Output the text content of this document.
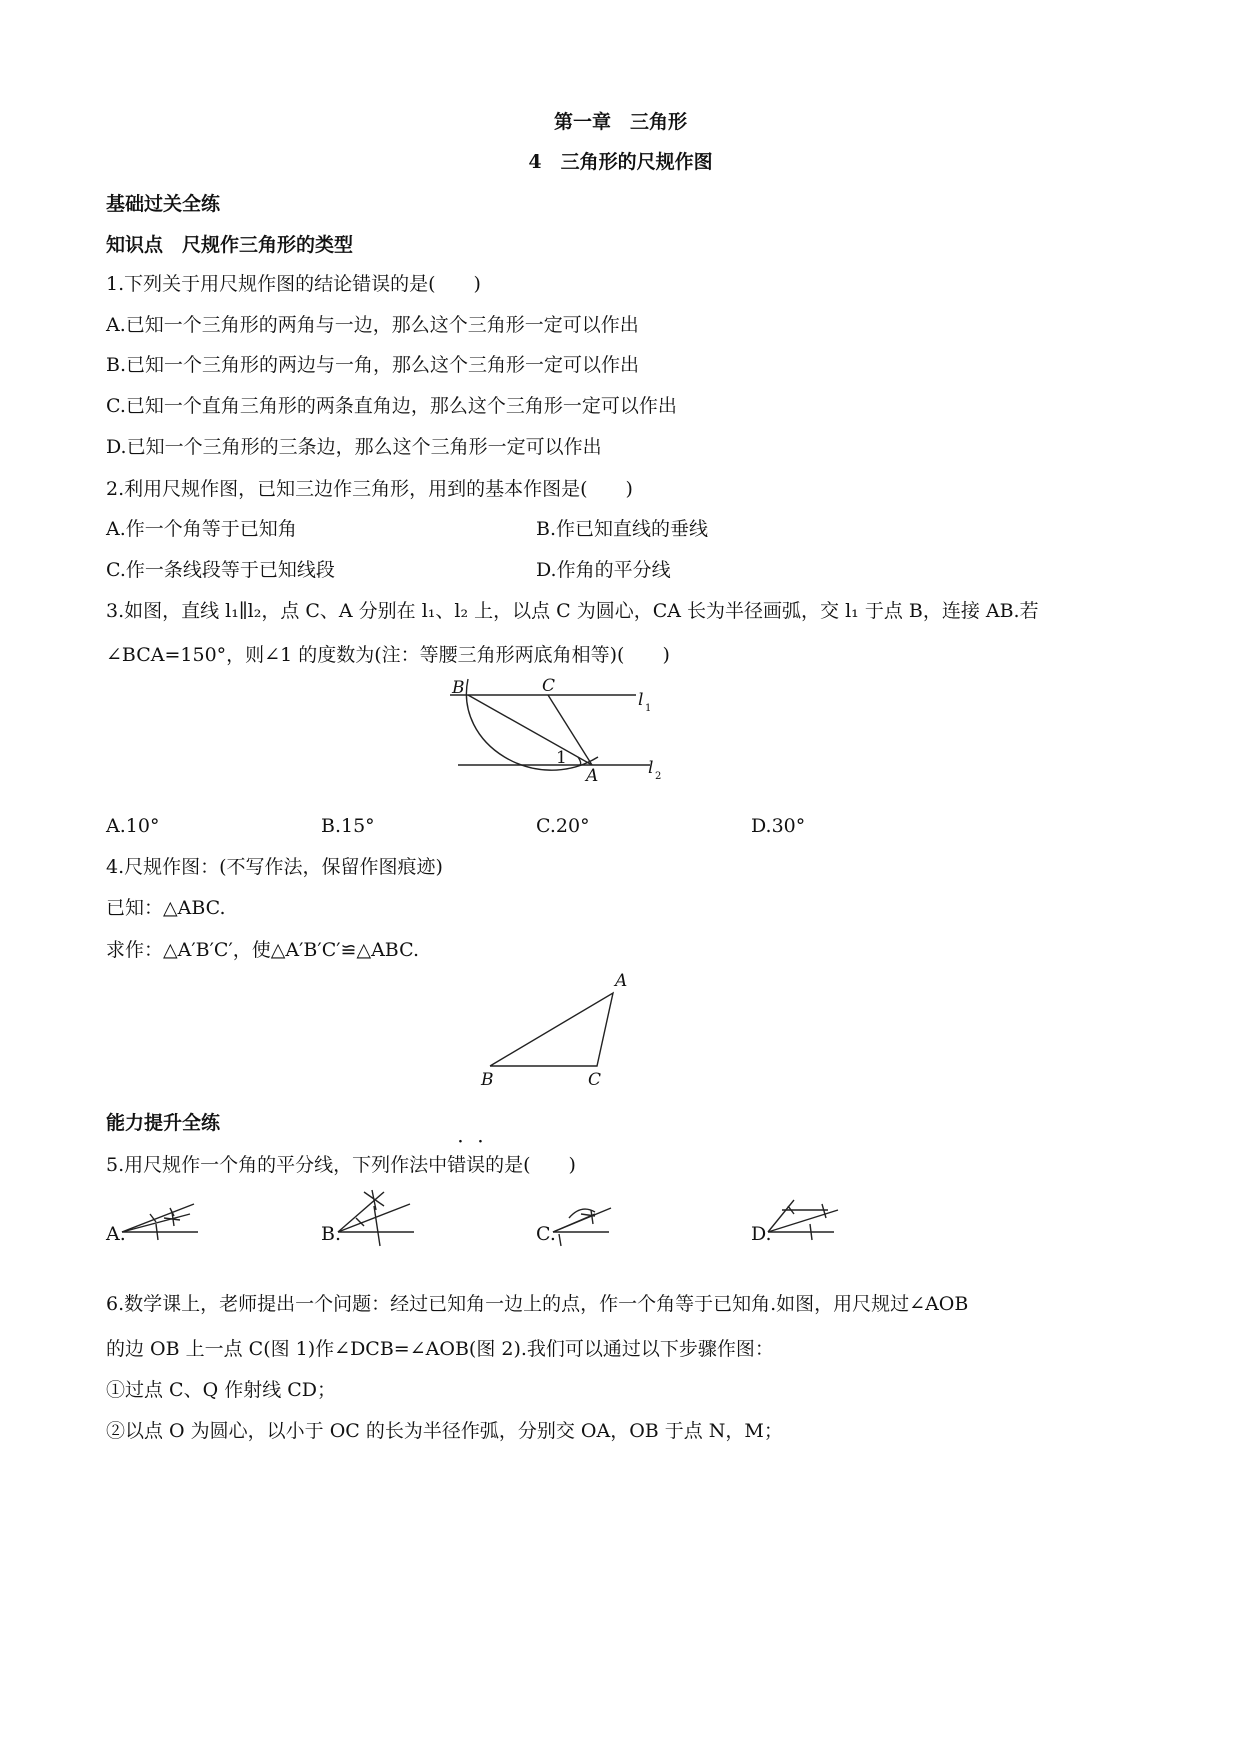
第一章　三角形
4　三角形的尺规作图
基础过关全练
知识点　尺规作三角形的类型
1.下列关于用尺规作图的结论错误的是(　　)
A.已知一个三角形的两角与一边，那么这个三角形一定可以作出
B.已知一个三角形的两边与一角，那么这个三角形一定可以作出
C.已知一个直角三角形的两条直角边，那么这个三角形一定可以作出
D.已知一个三角形的三条边，那么这个三角形一定可以作出
2.利用尺规作图，已知三边作三角形，用到的基本作图是(　　)
A.作一个角等于已知角	B.作已知直线的垂线
C.作一条线段等于已知线段	D.作角的平分线
3.如图，直线 l₁∥l₂，点 C、A 分别在 l₁、l₂ 上，以点 C 为圆心，CA 长为半径画弧，交 l₁ 于点 B，连接 AB.若
∠BCA=150°，则∠1 的度数为(注：等腰三角形两底角相等)(　　)
B	C
1
A
l 1
l 2
A.10°	B.15°	C.20°	D.30°
4.尺规作图：(不写作法，保留作图痕迹)
已知：△ABC.
求作：△A′B′C′，使△A′B′C′≌△ABC.
A
B	C
能力提升全练
· ·
5.用尺规作一个角的平分线，下列作法中错误的是(　　)
A.	B.	C.	D.
6.数学课上，老师提出一个问题：经过已知角一边上的点，作一个角等于已知角.如图，用尺规过∠AOB
的边 OB 上一点 C(图 1)作∠DCB=∠AOB(图 2).我们可以通过以下步骤作图：
①过点 C、Q 作射线 CD；
②以点 O 为圆心，以小于 OC 的长为半径作弧，分别交 OA，OB 于点 N，M；
